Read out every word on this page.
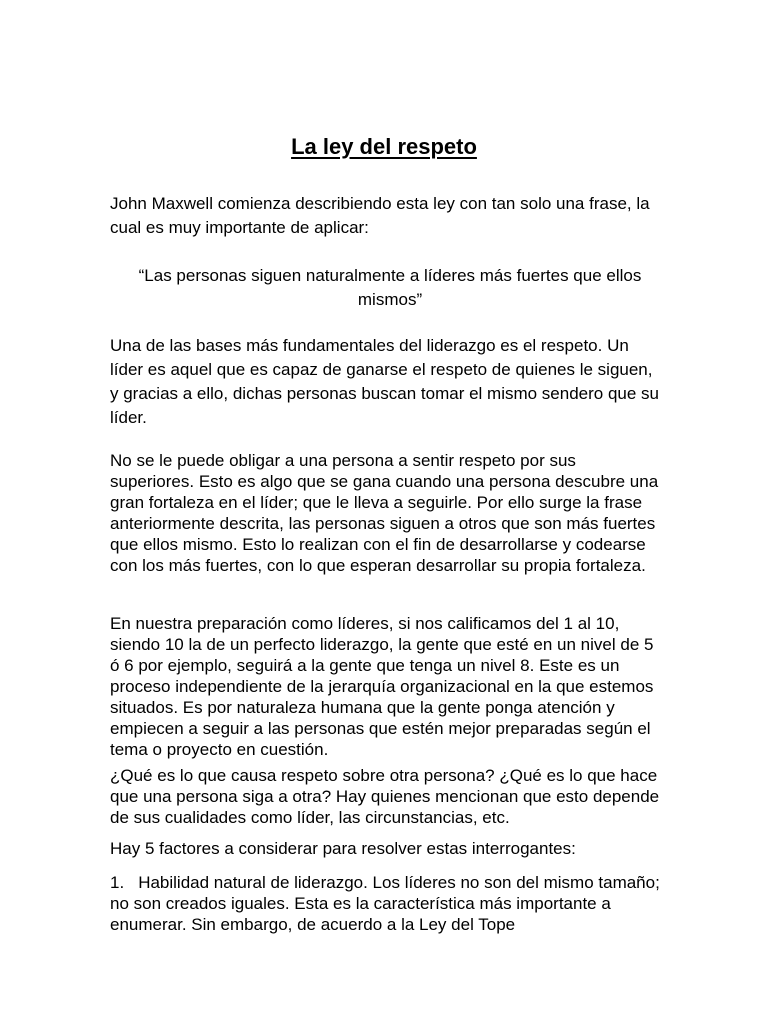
La ley del respeto

John Maxwell comienza describiendo esta ley con tan solo una frase, la cual es muy importante de aplicar:

“Las personas siguen naturalmente a líderes más fuertes que ellos mismos”

Una de las bases más fundamentales del liderazgo es el respeto. Un líder es aquel que es capaz de ganarse el respeto de quienes le siguen, y gracias a ello, dichas personas buscan tomar el mismo sendero que su líder.

No se le puede obligar a una persona a sentir respeto por sus superiores. Esto es algo que se gana cuando una persona descubre una gran fortaleza en el líder; que le lleva a seguirle. Por ello surge la frase anteriormente descrita, las personas siguen a otros que son más fuertes que ellos mismo. Esto lo realizan con el fin de desarrollarse y codearse con los más fuertes, con lo que esperan desarrollar su propia fortaleza.

En nuestra preparación como líderes, si nos calificamos del 1 al 10, siendo 10 la de un perfecto liderazgo, la gente que esté en un nivel de 5 ó 6 por ejemplo, seguirá a la gente que tenga un nivel 8. Este es un proceso independiente de la jerarquía organizacional en la que estemos situados. Es por naturaleza humana que la gente ponga atención y empiecen a seguir a las personas que estén mejor preparadas según el tema o proyecto en cuestión.

¿Qué es lo que causa respeto sobre otra persona? ¿Qué es lo que hace que una persona siga a otra? Hay quienes mencionan que esto depende de sus cualidades como líder, las circunstancias, etc.

Hay 5 factores a considerar para resolver estas interrogantes:

1. Habilidad natural de liderazgo. Los líderes no son del mismo tamaño; no son creados iguales. Esta es la característica más importante a enumerar. Sin embargo, de acuerdo a la Ley del Tope
